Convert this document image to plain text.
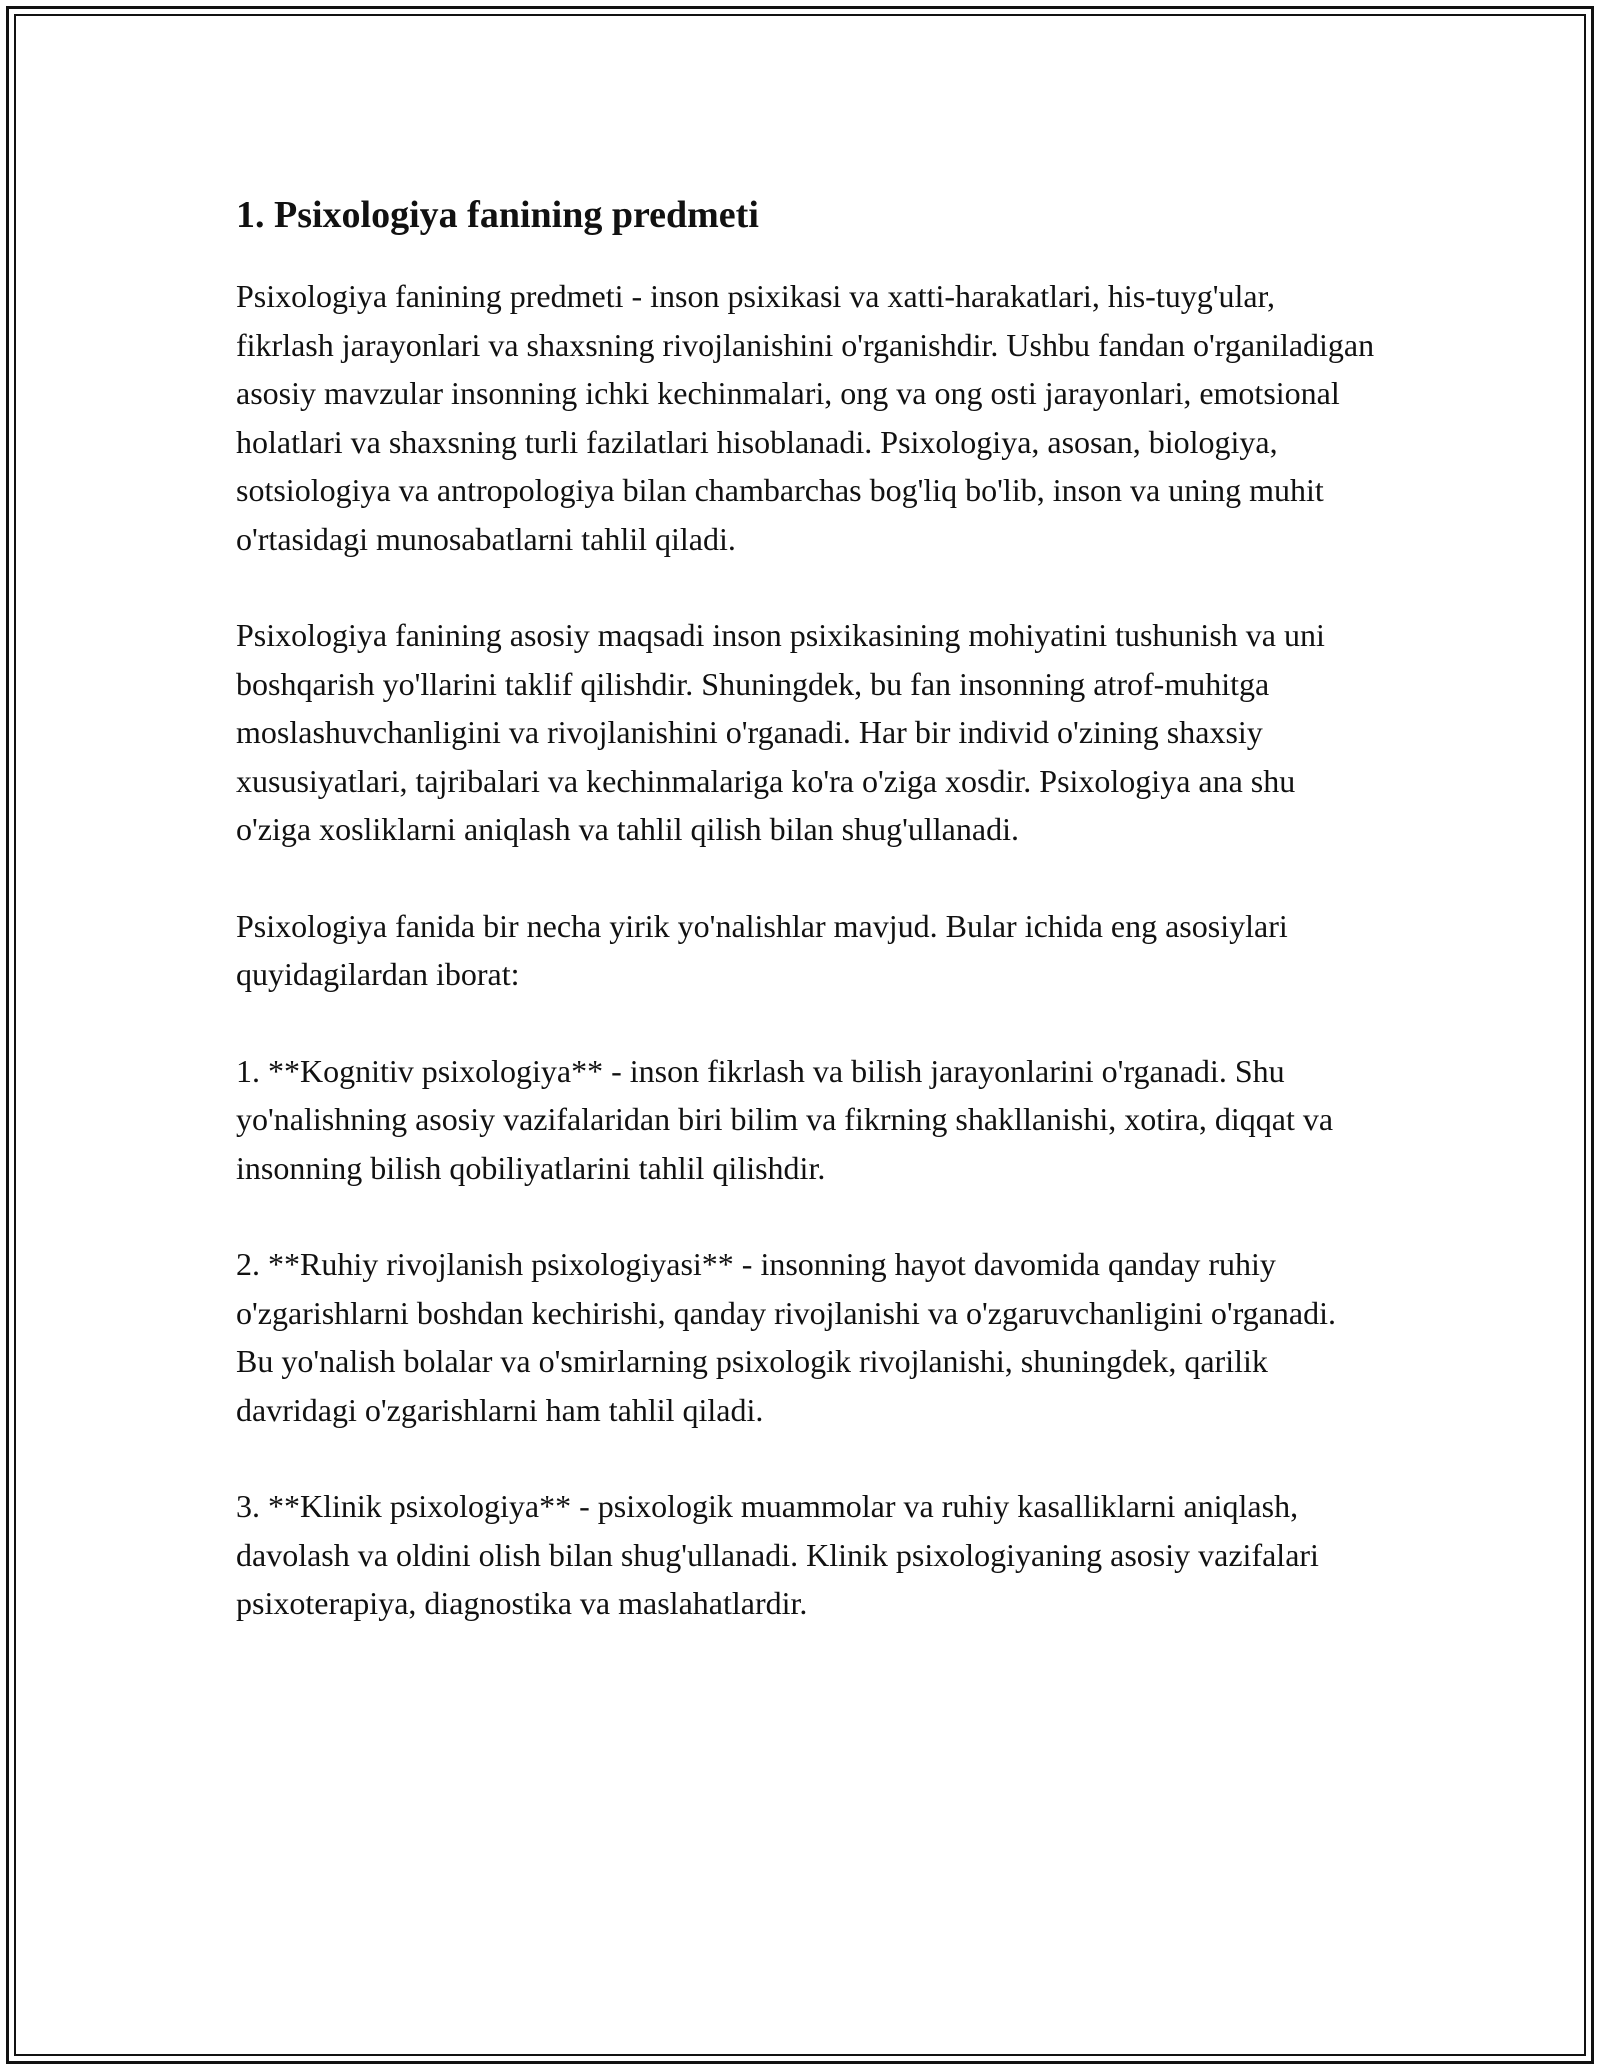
1. Psixologiya fanining predmeti

Psixologiya fanining predmeti - inson psixikasi va xatti-harakatlari, his-tuyg'ular, fikrlash jarayonlari va shaxsning rivojlanishini o'rganishdir. Ushbu fandan o'rganiladigan asosiy mavzular insonning ichki kechinmalari, ong va ong osti jarayonlari, emotsional holatlari va shaxsning turli fazilatlari hisoblanadi. Psixologiya, asosan, biologiya, sotsiologiya va antropologiya bilan chambarchas bog'liq bo'lib, inson va uning muhit o'rtasidagi munosabatlarni tahlil qiladi.

Psixologiya fanining asosiy maqsadi inson psixikasining mohiyatini tushunish va uni boshqarish yo'llarini taklif qilishdir. Shuningdek, bu fan insonning atrof-muhitga moslashuvchanligini va rivojlanishini o'rganadi. Har bir individ o'zining shaxsiy xususiyatlari, tajribalari va kechinmalariga ko'ra o'ziga xosdir. Psixologiya ana shu o'ziga xosliklarni aniqlash va tahlil qilish bilan shug'ullanadi.

Psixologiya fanida bir necha yirik yo'nalishlar mavjud. Bular ichida eng asosiylari quyidagilardan iborat:

1. **Kognitiv psixologiya** - inson fikrlash va bilish jarayonlarini o'rganadi. Shu yo'nalishning asosiy vazifalaridan biri bilim va fikrning shakllanishi, xotira, diqqat va insonning bilish qobiliyatlarini tahlil qilishdir.

2. **Ruhiy rivojlanish psixologiyasi** - insonning hayot davomida qanday ruhiy o'zgarishlarni boshdan kechirishi, qanday rivojlanishi va o'zgaruvchanligini o'rganadi. Bu yo'nalish bolalar va o'smirlarning psixologik rivojlanishi, shuningdek, qarilik davridagi o'zgarishlarni ham tahlil qiladi.

3. **Klinik psixologiya** - psixologik muammolar va ruhiy kasalliklarni aniqlash, davolash va oldini olish bilan shug'ullanadi. Klinik psixologiyaning asosiy vazifalari psixoterapiya, diagnostika va maslahatlardir.
